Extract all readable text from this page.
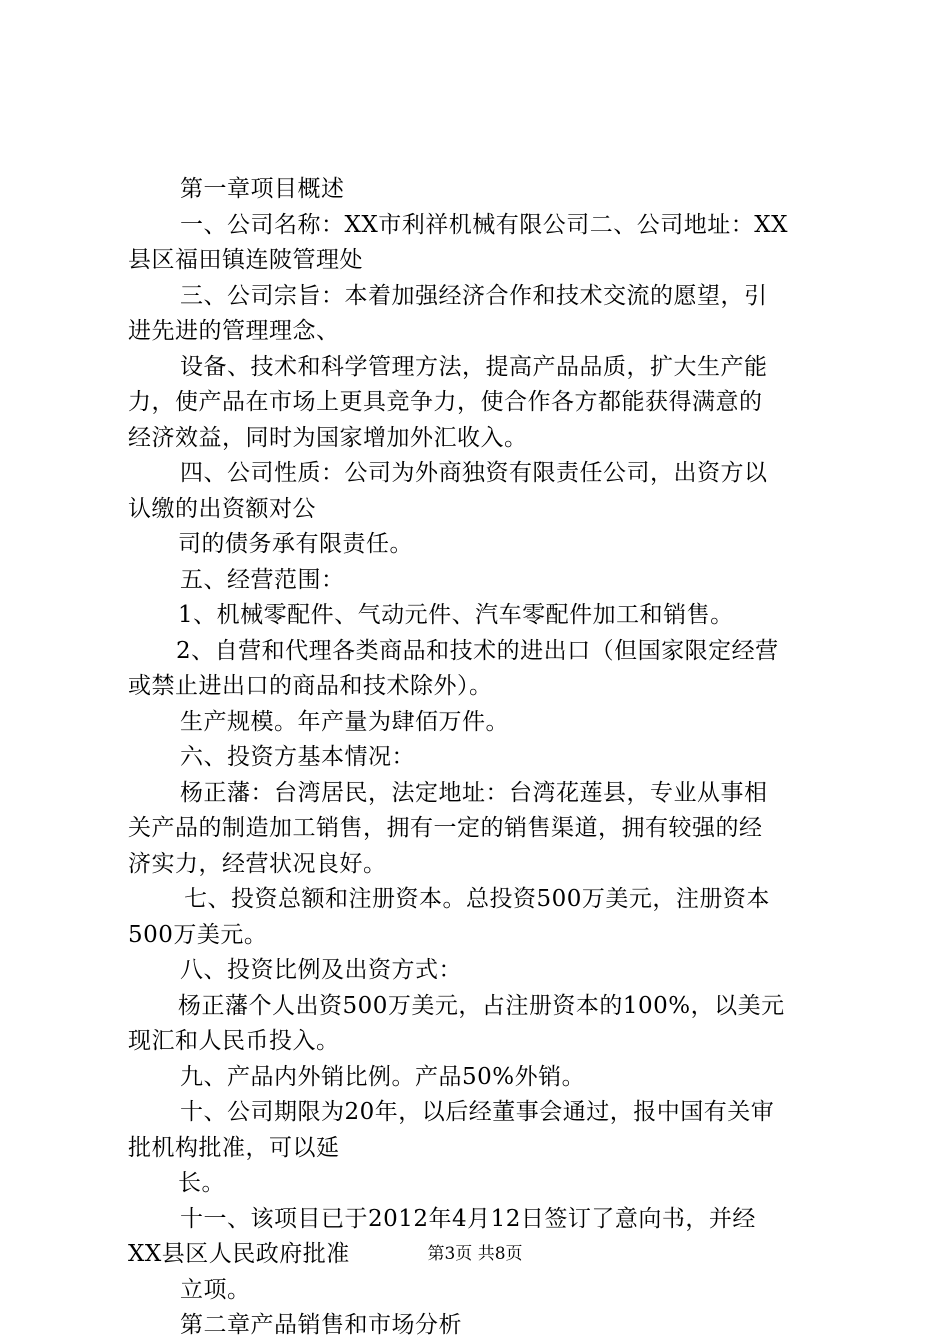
第一章项目概述
一、公司名称：XX市利祥机械有限公司二、公司地址：XX
县区福田镇连陂管理处
三、公司宗旨：本着加强经济合作和技术交流的愿望，引
进先进的管理理念、
设备、技术和科学管理方法，提高产品品质，扩大生产能
力，使产品在市场上更具竞争力，使合作各方都能获得满意的
经济效益，同时为国家增加外汇收入。
四、公司性质：公司为外商独资有限责任公司，出资方以
认缴的出资额对公
司的债务承有限责任。
五、经营范围：
1、机械零配件、气动元件、汽车零配件加工和销售。
2、自营和代理各类商品和技术的进出口（但国家限定经营
或禁止进出口的商品和技术除外）。
生产规模。年产量为肆佰万件。
六、投资方基本情况：
杨正藩：台湾居民，法定地址：台湾花莲县，专业从事相
关产品的制造加工销售，拥有一定的销售渠道，拥有较强的经
济实力，经营状况良好。
七、投资总额和注册资本。总投资500万美元，注册资本
500万美元。
八、投资比例及出资方式：
杨正藩个人出资500万美元，占注册资本的100%，以美元
现汇和人民币投入。
九、产品内外销比例。产品50%外销。
十、公司期限为20年，以后经董事会通过，报中国有关审
批机构批准，可以延
长。
十一、该项目已于2012年4月12日签订了意向书，并经
XX县区人民政府批准
立项。
第二章产品销售和市场分析
第3页 共8页
